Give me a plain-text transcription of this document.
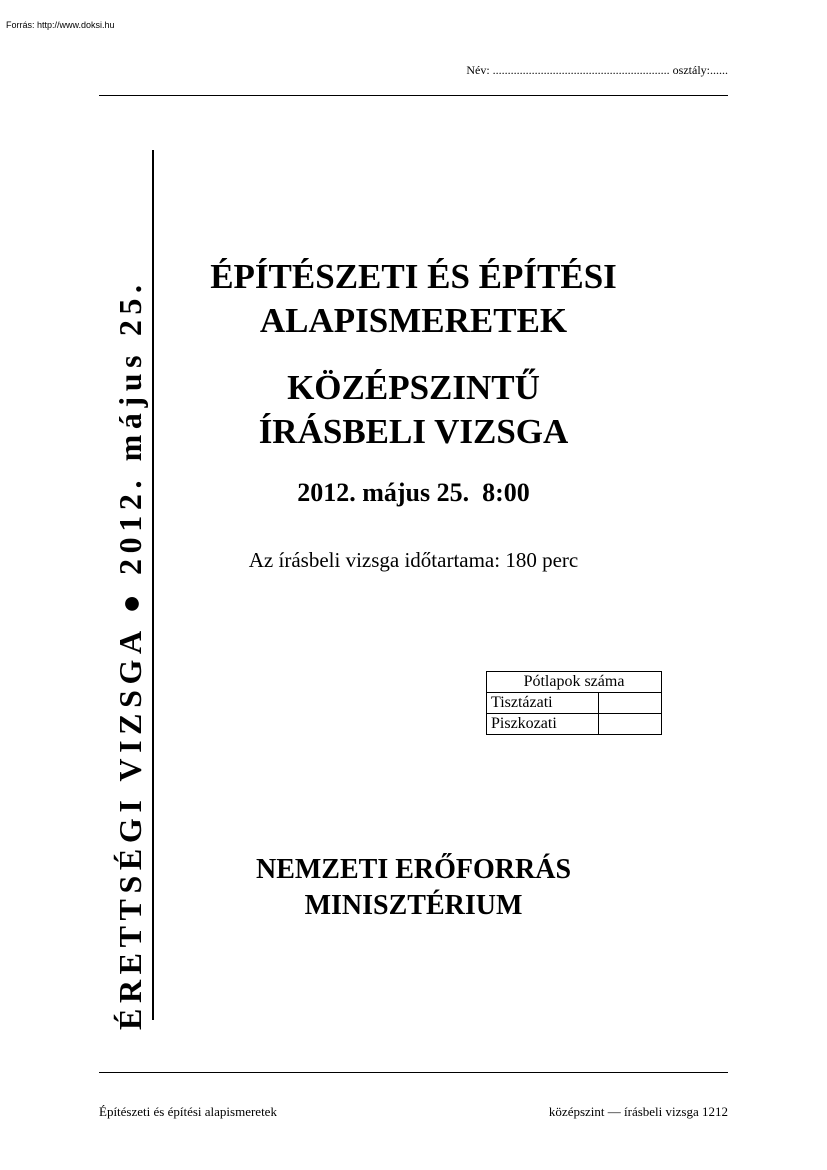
Forrás: http://www.doksi.hu
Név: ........................................................... osztály:......
ÉRETTSÉGI VIZSGA ● 2012. május 25.
ÉPÍTÉSZETI ÉS ÉPÍTÉSI
ALAPISMERETEK
KÖZÉPSZINTŰ
ÍRÁSBELI VIZSGA
2012. május 25.  8:00
Az írásbeli vizsga időtartama: 180 perc
Pótlapok száma	
Tisztázati	
Piszkozati	
NEMZETI ERŐFORRÁS
MINISZTÉRIUM
Építészeti és építési alapismeretek	középszint — írásbeli vizsga 1212
